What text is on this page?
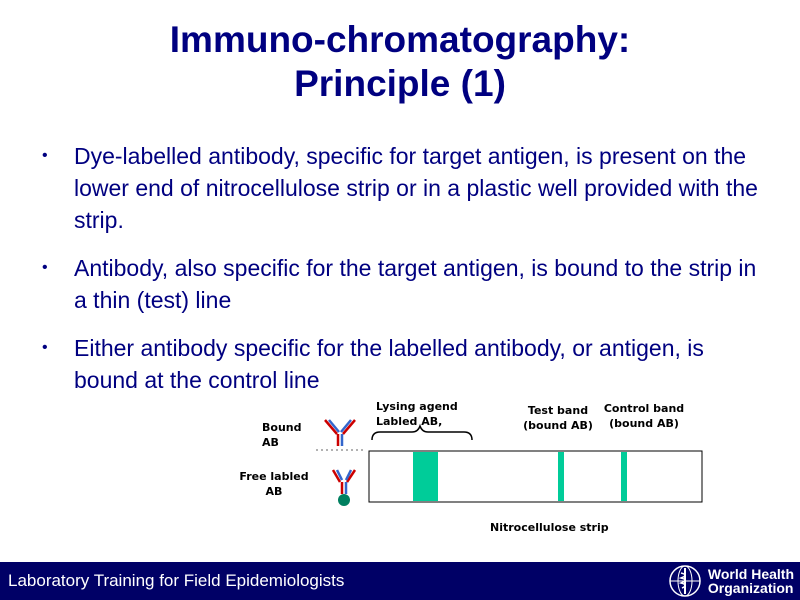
Immuno-chromatography:
Principle (1)
• Dye-labelled antibody, specific for target antigen, is present on the lower end of nitrocellulose strip or in a plastic well provided with the strip.
• Antibody, also specific for the target antigen, is bound to the strip in a thin (test) line
• Either antibody specific for the labelled antibody, or antigen, is bound at the control line
Bound
AB
Free labled
AB
Lysing agend
Labled AB,
Test band
(bound AB)
Control band
(bound AB)
Nitrocellulose strip
Laboratory Training for Field Epidemiologists	World Health
Organization
